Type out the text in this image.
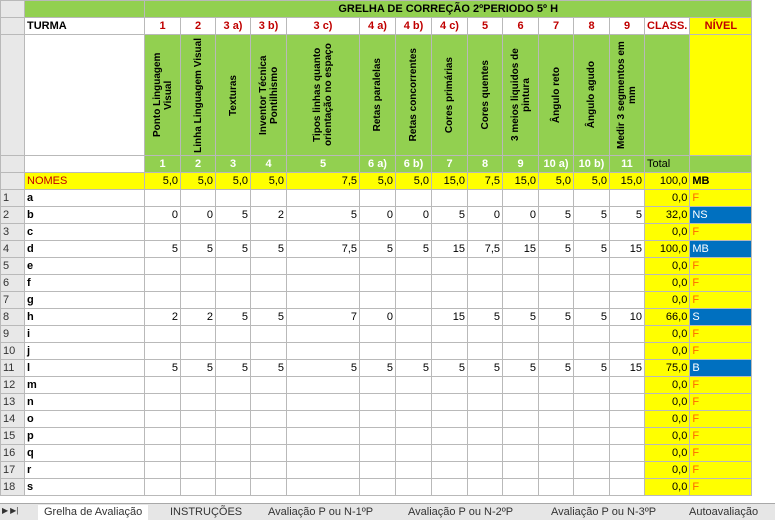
		GRELHA DE CORREÇÃO 2ºPERIODO 5º H														
	TURMA	1	2	3 a)	3 b)	3 c)	4 a)	4 b)	4 c)	5	6	7	8	9	CLASS.	NÍVEL

		Ponto Linguagem Visual	Linha Linguagem Visual	Texturas	Inventor Técnica Pontilhismo	Tipos linhas quanto orientação no espaço	Retas paralelas	Retas concorrentes	Cores primárias	Cores quentes	3 meios liquidos de pintura	Ângulo reto	Ângulo agudo	Medir 3 segmentos em mm		

		1	2	3	4	5	6 a)	6 b)	7	8	9	10 a)	10 b)	11	Total	
	NOMES	5,0	5,0	5,0	5,0	7,5	5,0	5,0	15,0	7,5	15,0	5,0	5,0	15,0	100,0	MB
1	a														0,0	F
2	b	0	0	5	2	5	0	0	5	0	0	5	5	5	32,0	NS
3	c														0,0	F
4	d	5	5	5	5	7,5	5	5	15	7,5	15	5	5	15	100,0	MB
5	e														0,0	F
6	f														0,0	F
7	g														0,0	F
8	h	2	2	5	5	7	0		15	5	5	5	5	10	66,0	S
9	i														0,0	F
10	j														0,0	F
11	l	5	5	5	5	5	5	5	5	5	5	5	5	15	75,0	B
12	m														0,0	F
13	n														0,0	F
14	o														0,0	F
15	p														0,0	F
16	q														0,0	F
17	r														0,0	F
18	s														0,0	F
▶ ▶|	Grelha de Avaliação	INSTRUÇÕES	Avaliação P ou N-1ºP	Avaliação P ou N-2ºP	Avaliação P ou N-3ºP	Autoavaliação
